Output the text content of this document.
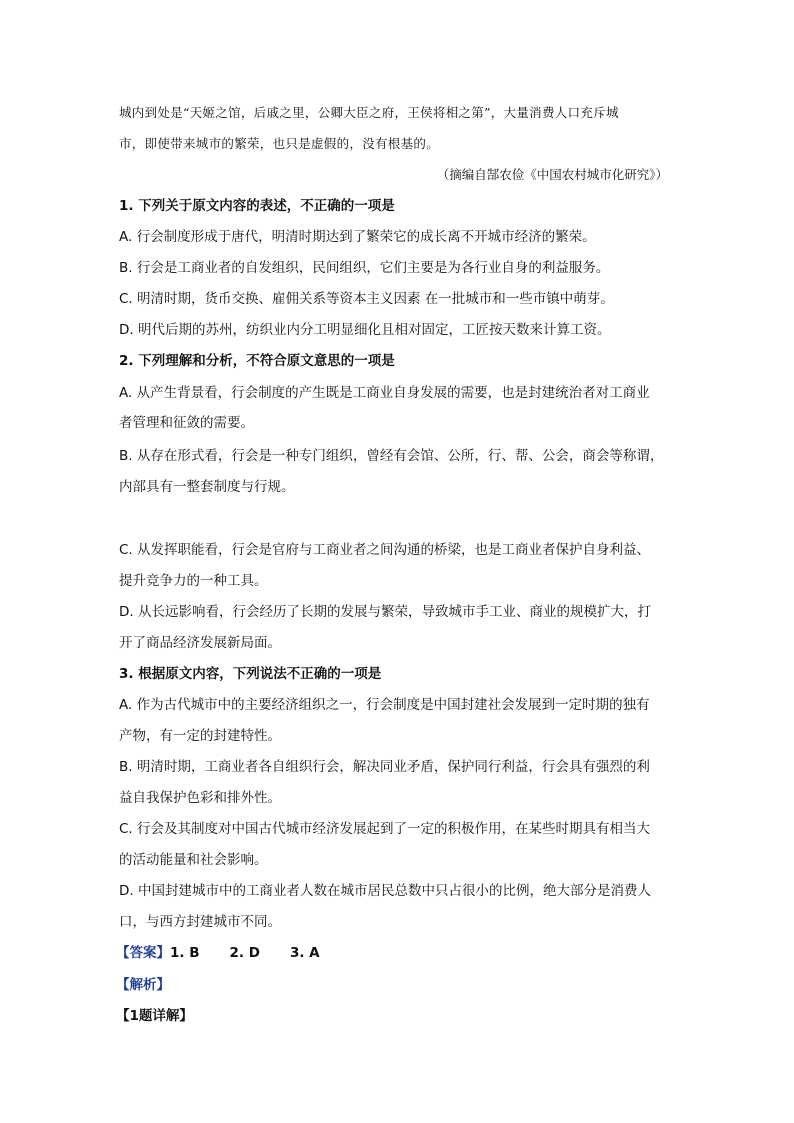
城内到处是“天姬之馆，后戚之里，公卿大臣之府，王侯将相之第”，大量消费人口充斥城
市，即使带来城市的繁荣，也只是虚假的，没有根基的。
（摘编自郜农俭《中国农村城市化研究》）
1. 下列关于原文内容的表述，不正确的一项是
A. 行会制度形成于唐代，明清时期达到了繁荣它的成长离不开城市经济的繁荣。
B. 行会是工商业者的自发组织，民间组织，它们主要是为各行业自身的利益服务。
C. 明清时期，货币交换、雇佣关系等资本主义因素 在一批城市和一些市镇中萌芽。
D. 明代后期的苏州，纺织业内分工明显细化且相对固定，工匠按天数来计算工资。
2. 下列理解和分析，不符合原文意思的一项是
A. 从产生背景看，行会制度的产生既是工商业自身发展的需要，也是封建统治者对工商业
者管理和征敛的需要。
B. 从存在形式看，行会是一种专门组织，曾经有会馆、公所，行、帮、公会，商会等称谓，
内部具有一整套制度与行规。
C. 从发挥职能看，行会是官府与工商业者之间沟通的桥梁，也是工商业者保护自身利益、
提升竞争力的一种工具。
D. 从长远影响看，行会经历了长期的发展与繁荣，导致城市手工业、商业的规模扩大，打
开了商品经济发展新局面。
3. 根据原文内容，下列说法不正确的一项是
A. 作为古代城市中的主要经济组织之一，行会制度是中国封建社会发展到一定时期的独有
产物，有一定的封建特性。
B. 明清时期，工商业者各自组织行会，解决同业矛盾，保护同行利益，行会具有强烈的利
益自我保护色彩和排外性。
C. 行会及其制度对中国古代城市经济发展起到了一定的积极作用，在某些时期具有相当大
的活动能量和社会影响。
D. 中国封建城市中的工商业者人数在城市居民总数中只占很小的比例，绝大部分是消费人
口，与西方封建城市不同。
【答案】1. B 2. D 3. A
【解析】
【1题详解】
